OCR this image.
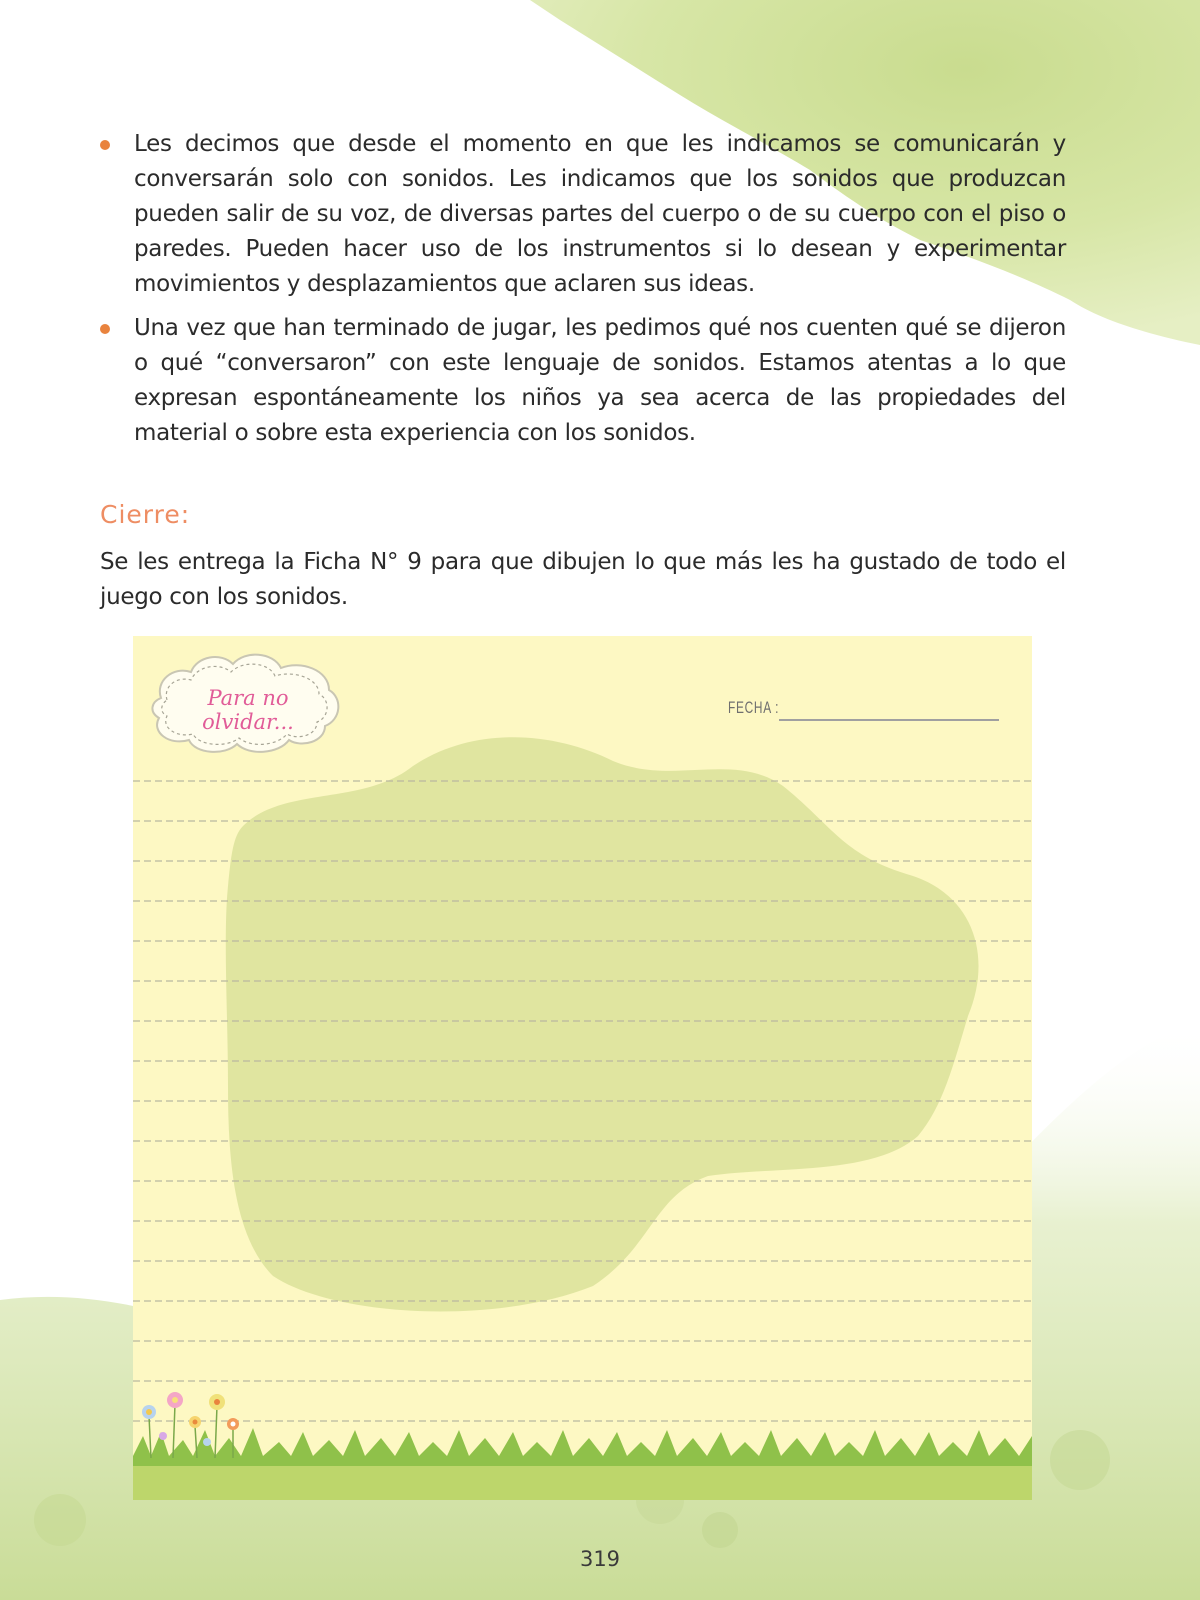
Les decimos que desde el momento en que les indicamos se comunicarán y conversarán solo con sonidos. Les indicamos que los sonidos que produzcan pueden salir de su voz, de diversas partes del cuerpo o de su cuerpo con el piso o paredes. Pueden hacer uso de los instrumentos si lo desean y experimentar movimientos y desplazamientos que aclaren sus ideas.

Una vez que han terminado de jugar, les pedimos qué nos cuenten qué se dijeron o qué “conversaron” con este lenguaje de sonidos. Estamos atentas a lo que expresan espontáneamente los niños ya sea acerca de las propiedades del material o sobre esta experiencia con los sonidos.

Cierre:

Se les entrega la Ficha N° 9 para que dibujen lo que más les ha gustado de todo el juego con los sonidos.

Para no olvidar...
FECHA :
319
